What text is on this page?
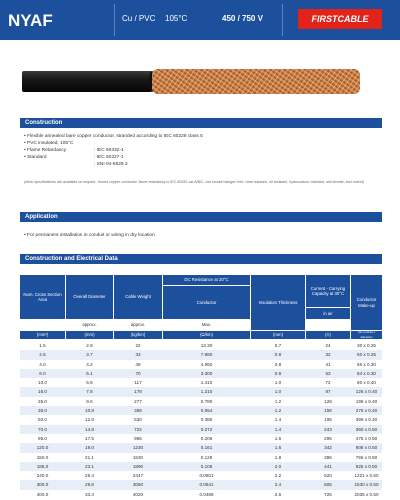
NYAF	Cu / PVC 105°C	450 / 750 V	FIRSTCABLE
Construction
• Flexible annealed bare copper conductor, stranded according to IEC 60228 class 5
• PVC insulated, 105°C
• Flame Retardancy	: IEC 60332-1
• Standard	: IEC 60227-1
: SNI 04-6629.3
(other specifications are available on request : tinned copper conductor, flame retardancy to IEC 60332 cat.A/B/C, low smoke halogen free, heat resistant, oil resistant, hydrocarbon resistant, anti termite, and rodent)
Application
• For permanent installation in conduit or wiring in dry location
Construction and Electrical Data
Nom. Cross Section Area
Overall Diameter	Cable Weight
DC Resistance at 20°C
Conductor	Insulation Thickness
Current - Carrying Capacity at 30°C
in air
Conductor Make-up
approx.	approx.	Max.
(mm²)	(mm)	(kg/km)	(Ω/km)	(mm)	(A)
(No of wires x diameter)
1.5	2.9	22	13.30	0.7	24	30 x 0.25
2.5	3.7	33	7.980	0.8	32	50 x 0.25
4.0	4.2	49	4.950	0.8	41	56 x 0.30
6.0	5.1	70	3.300	0.8	53	84 x 0.30
10.0	6.6	117	1.410	1.0	72	80 x 0.40
16.0	7.8	178	1.210	1.0	97	126 x 0.40
25.0	9.6	277	0.780	1.2	128	196 x 0.40
35.0	10.8	369	0.554	1.2	156	276 x 0.40
50.0	12.8	530	0.386	1.4	195	396 x 0.40
70.0	14.8	722	0.272	1.4	243	360 x 0.50
95.0	17.5	985	0.206	1.6	295	475 x 0.50
120.0	19.0	1230	0.161	1.6	342	608 x 0.50
150.0	21.1	1530	0.129	1.8	386	756 x 0.50
185.0	23.1	1890	0.106	2.0	441	925 x 0.50
240.0	26.4	2447	0.0801	2.2	520	1221 x 0.50
300.0	29.6	3050	0.0641	2.4	605	1530 x 0.50
400.0	33.4	4020	0.0486	2.6	725	2035 x 0.50
